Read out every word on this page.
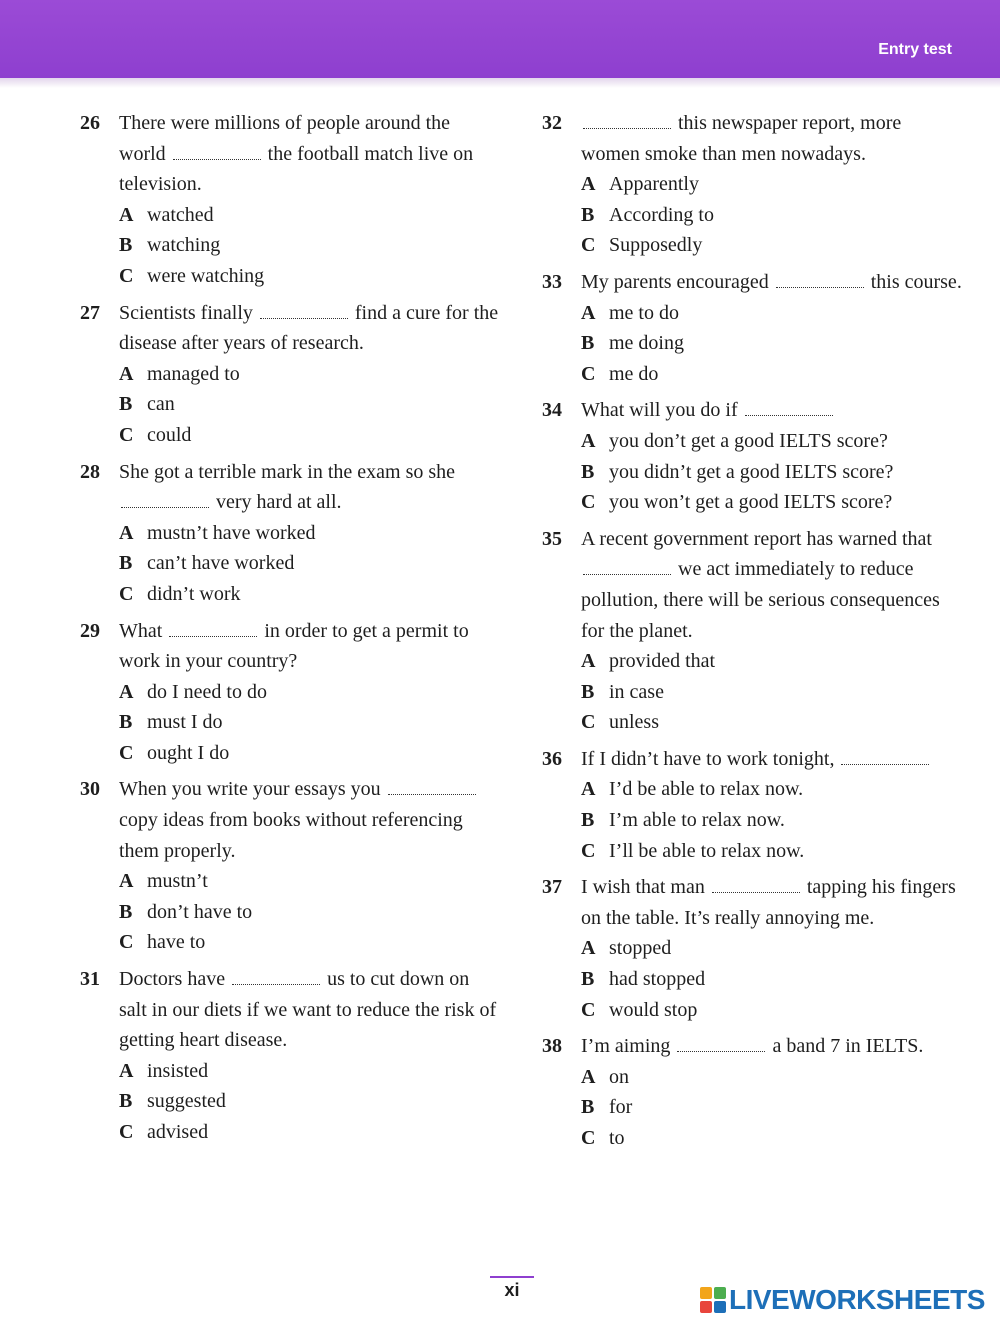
Entry test
26 There were millions of people around the world	the football match live on television.
A watched
B watching
C were watching
27 Scientists finally	find a cure for the disease after years of research.
A managed to
B can
C could
28 She got a terrible mark in the exam so she  very hard at all.
A mustn’t have worked
B can’t have worked
C didn’t work
29 What	in order to get a permit to work in your country?
A do I need to do
B must I do
C ought I do
30 When you write your essays you  copy ideas from books without referencing them properly.
A mustn’t
B don’t have to
C have to
31 Doctors have	us to cut down on salt in our diets if we want to reduce the risk of getting heart disease.
A insisted
B suggested
C advised
32	this newspaper report, more women smoke than men nowadays.
A Apparently
B According to
C Supposedly
33 My parents encouraged	this course.
A me to do
B me doing
C me do
34 What will you do if
A you don’t get a good IELTS score?
B you didn’t get a good IELTS score?
C you won’t get a good IELTS score?
35 A recent government report has warned that  we act immediately to reduce pollution, there will be serious consequences for the planet.
A provided that
B in case
C unless
36 If I didn’t have to work tonight,
A I’d be able to relax now.
B I’m able to relax now.
C I’ll be able to relax now.
37 I wish that man	tapping his fingers on the table. It’s really annoying me.
A stopped
B had stopped
C would stop
38 I’m aiming	a band 7 in IELTS.
A on
B for
C to
xi	LIVEWORKSHEETS
